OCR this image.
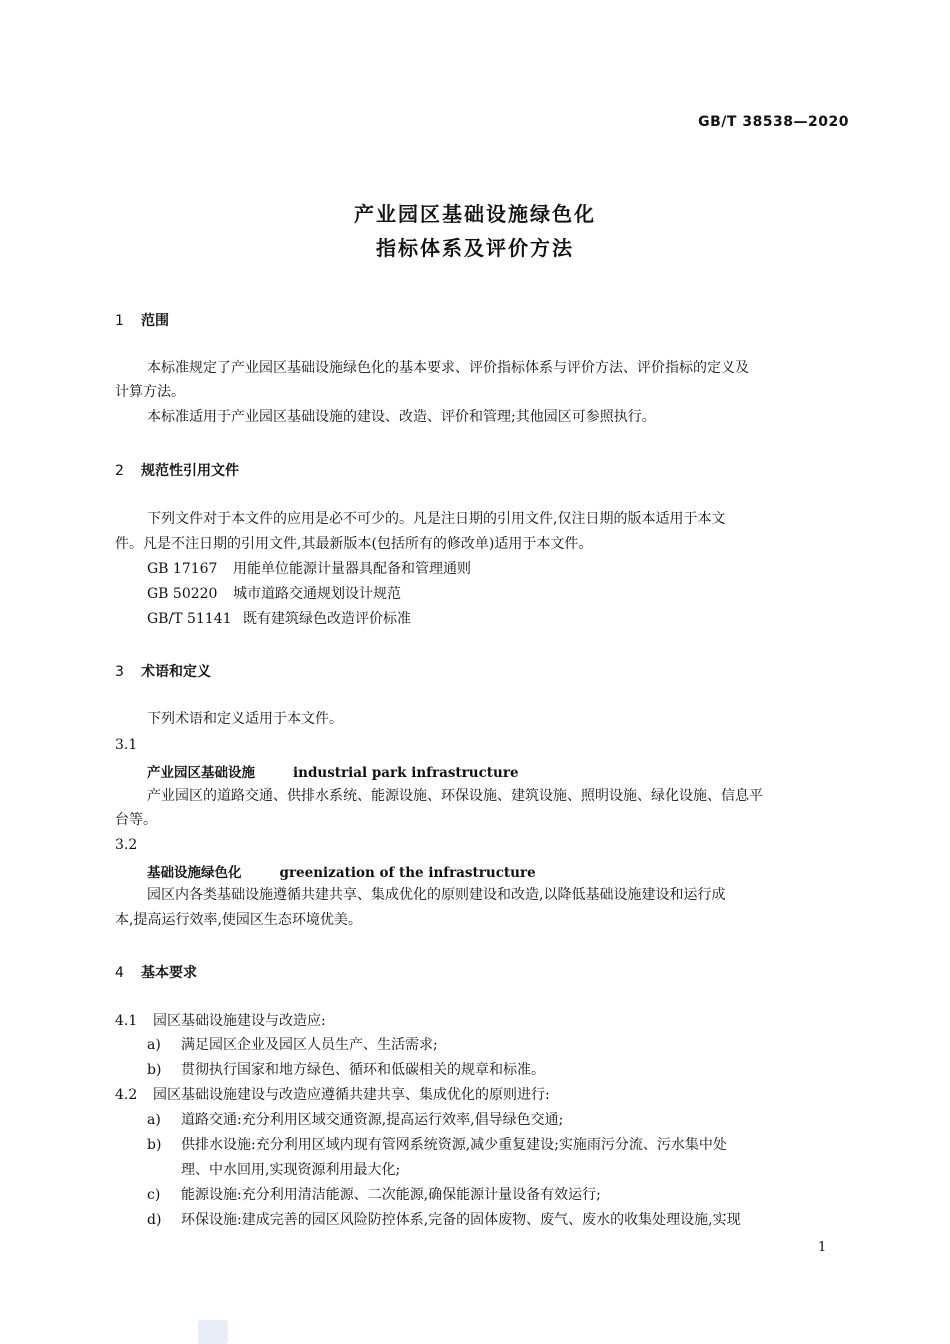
GB/T 38538—2020
产业园区基础设施绿色化
指标体系及评价方法
1 范围
本标准规定了产业园区基础设施绿色化的基本要求、评价指标体系与评价方法、评价指标的定义及
计算方法。
本标准适用于产业园区基础设施的建设、改造、评价和管理;其他园区可参照执行。
2 规范性引用文件
下列文件对于本文件的应用是必不可少的。凡是注日期的引用文件,仅注日期的版本适用于本文
件。凡是不注日期的引用文件,其最新版本(包括所有的修改单)适用于本文件。
GB 17167 用能单位能源计量器具配备和管理通则
GB 50220 城市道路交通规划设计规范
GB/T 51141 既有建筑绿色改造评价标准
3 术语和定义
下列术语和定义适用于本文件。
3.1
产业园区基础设施	industrial park infrastructure
产业园区的道路交通、供排水系统、能源设施、环保设施、建筑设施、照明设施、绿化设施、信息平
台等。
3.2
基础设施绿色化	greenization of the infrastructure
园区内各类基础设施遵循共建共享、集成优化的原则建设和改造,以降低基础设施建设和运行成
本,提高运行效率,使园区生态环境优美。
4 基本要求
4.1 园区基础设施建设与改造应:
a) 满足园区企业及园区人员生产、生活需求;
b) 贯彻执行国家和地方绿色、循环和低碳相关的规章和标准。
4.2 园区基础设施建设与改造应遵循共建共享、集成优化的原则进行:
a) 道路交通:充分利用区域交通资源,提高运行效率,倡导绿色交通;
b) 供排水设施:充分利用区域内现有管网系统资源,减少重复建设;实施雨污分流、污水集中处
理、中水回用,实现资源利用最大化;
c) 能源设施:充分利用清洁能源、二次能源,确保能源计量设备有效运行;
d) 环保设施:建成完善的园区风险防控体系,完备的固体废物、废气、废水的收集处理设施,实现
1
